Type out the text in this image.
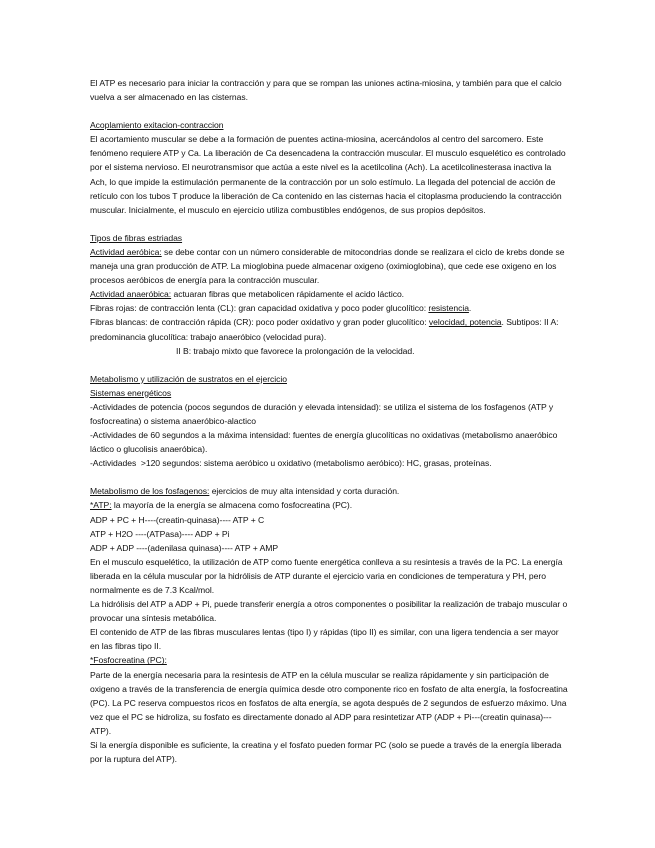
El ATP es necesario para iniciar la contracción y para que se rompan las uniones actina-miosina, y también para que el calcio vuelva a ser almacenado en las cisternas.

Acoplamiento exitacion-contraccion

El acortamiento muscular se debe a la formación de puentes actina-miosina, acercándolos al centro del sarcomero. Este fenómeno requiere ATP y Ca. La liberación de Ca desencadena la contracción muscular. El musculo esquelético es controlado por el sistema nervioso. El neurotransmisor que actúa a este nivel es la acetilcolina (Ach). La acetilcolinesterasa inactiva la Ach, lo que impide la estimulación permanente de la contracción por un solo estímulo. La llegada del potencial de acción de retículo con los tubos T produce la liberación de Ca contenido en las cisternas hacia el citoplasma produciendo la contracción muscular. Inicialmente, el musculo en ejercicio utiliza combustibles endógenos, de sus propios depósitos.

Tipos de fibras estriadas

Actividad aeróbica: se debe contar con un número considerable de mitocondrias donde se realizara el ciclo de krebs donde se maneja una gran producción de ATP. La mioglobina puede almacenar oxigeno (oximioglobina), que cede ese oxigeno en los procesos aeróbicos de energía para la contracción muscular.

Actividad anaeróbica: actuaran fibras que metabolicen rápidamente el acido láctico.

Fibras rojas: de contracción lenta (CL): gran capacidad oxidativa y poco poder glucolítico: resistencia.

Fibras blancas: de contracción rápida (CR): poco poder oxidativo y gran poder glucolítico: velocidad, potencia. Subtipos: II A: predominancia glucolítica: trabajo anaeróbico (velocidad pura).

II B: trabajo mixto que favorece la prolongación de la velocidad.

Metabolismo y utilización de sustratos en el ejercicio

Sistemas energéticos

-Actividades de potencia (pocos segundos de duración y elevada intensidad): se utiliza el sistema de los fosfagenos (ATP y fosfocreatina) o sistema anaeróbico-alactico

-Actividades de 60 segundos a la máxima intensidad: fuentes de energía glucolíticas no oxidativas (metabolismo anaeróbico láctico o glucolisis anaeróbica).

-Actividades  >120 segundos: sistema aeróbico u oxidativo (metabolismo aeróbico): HC, grasas, proteínas.

Metabolismo de los fosfagenos: ejercicios de muy alta intensidad y corta duración.

*ATP: la mayoría de la energía se almacena como fosfocreatina (PC).

ADP + PC + H----(creatin-quinasa)---- ATP + C

ATP + H2O ----(ATPasa)---- ADP + Pi

ADP + ADP ----(adenilasa quinasa)---- ATP + AMP

En el musculo esquelético, la utilización de ATP como fuente energética conlleva a su resintesis a través de la PC. La energía liberada en la célula muscular por la hidrólisis de ATP durante el ejercicio varia en condiciones de temperatura y PH, pero normalmente es de 7.3 Kcal/mol.

La hidrólisis del ATP a ADP + Pi, puede transferir energía a otros componentes o posibilitar la realización de trabajo muscular o provocar una síntesis metabólica.

El contenido de ATP de las fibras musculares lentas (tipo I) y rápidas (tipo II) es similar, con una ligera tendencia a ser mayor en las fibras tipo II.

*Fosfocreatina (PC):

Parte de la energía necesaria para la resintesis de ATP en la célula muscular se realiza rápidamente y sin participación de oxigeno a través de la transferencia de energía química desde otro componente rico en fosfato de alta energía, la fosfocreatina (PC). La PC reserva compuestos ricos en fosfatos de alta energía, se agota después de 2 segundos de esfuerzo máximo. Una vez que el PC se hidroliza, su fosfato es directamente donado al ADP para resintetizar ATP (ADP + Pi---(creatin quinasa)--- ATP).

Si la energía disponible es suficiente, la creatina y el fosfato pueden formar PC (solo se puede a través de la energía liberada por la ruptura del ATP).
